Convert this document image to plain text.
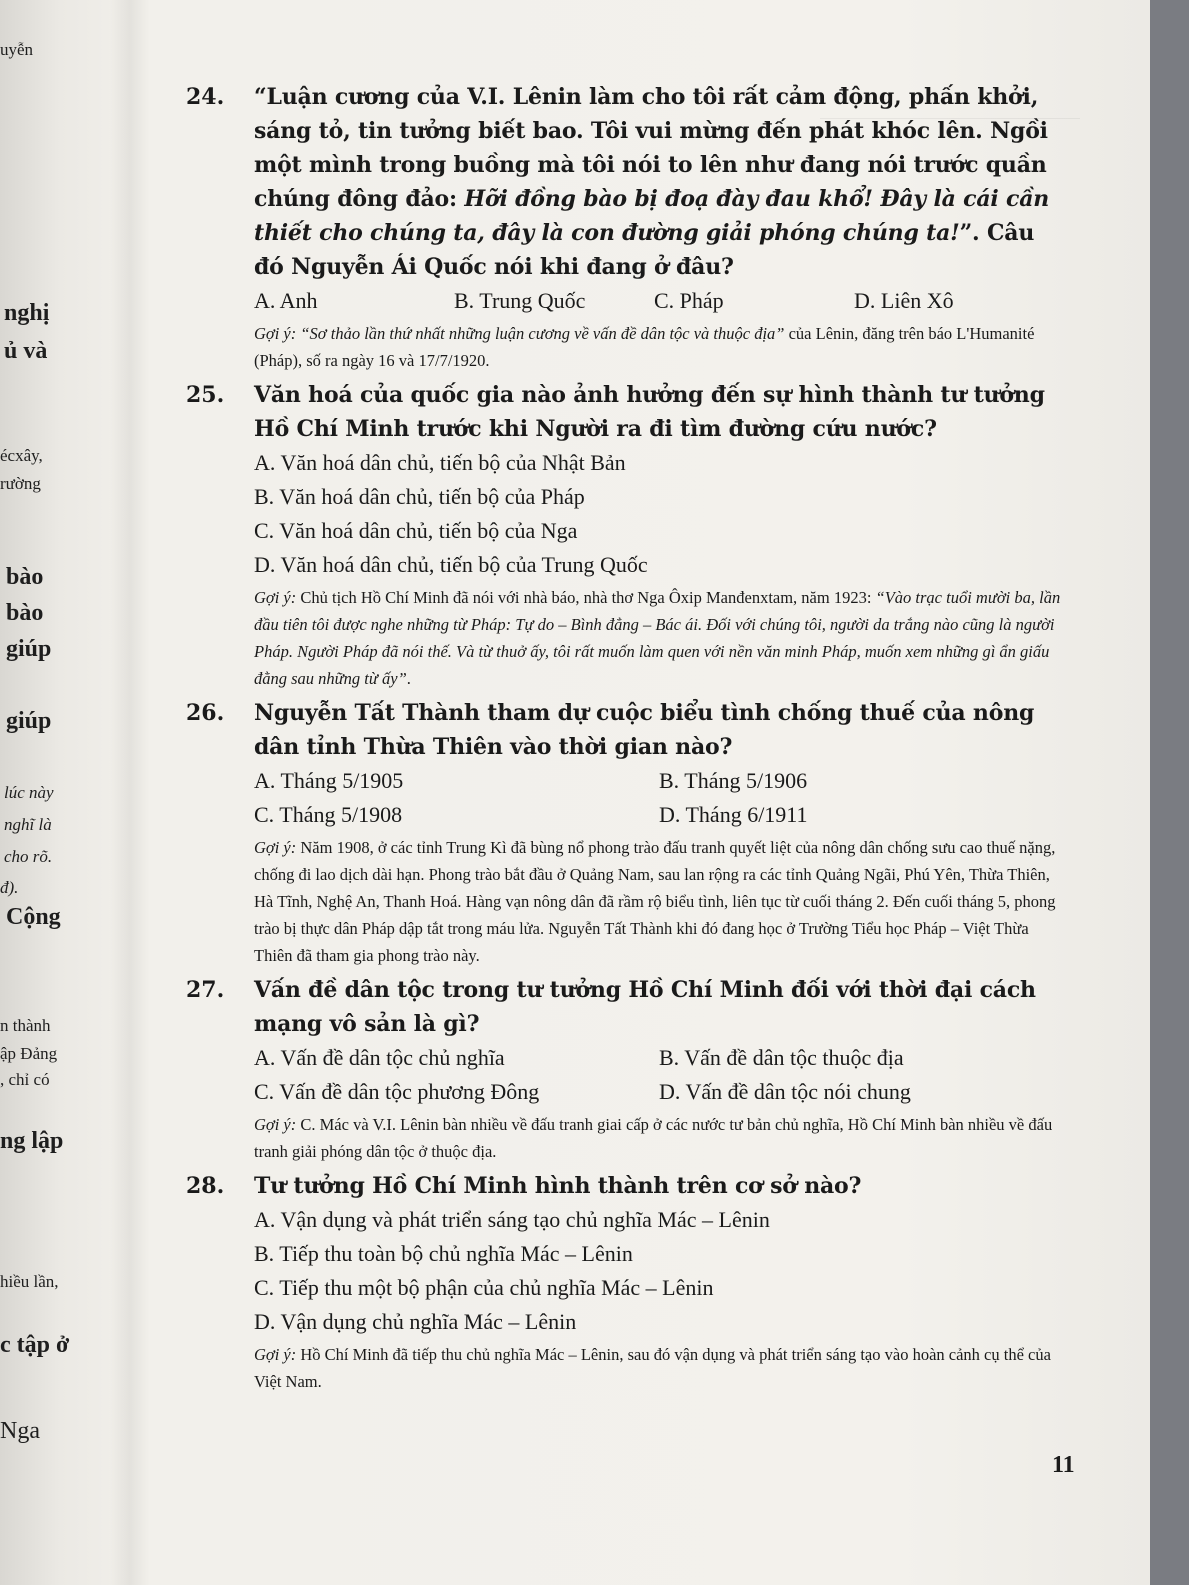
uyễn
nghị
ủ và
écxây,
rường
bào
bào
giúp
giúp
lúc này
nghĩ là
cho rõ.
đ).
Cộng
n thành
ập Đảng
, chỉ có
ng lập
hiều lần,
c tập ở
Nga
24. “Luận cương của V.I. Lênin làm cho tôi rất cảm động, phấn khởi, sáng tỏ, tin tưởng biết bao. Tôi vui mừng đến phát khóc lên. Ngồi một mình trong buồng mà tôi nói to lên như đang nói trước quần chúng đông đảo: Hỡi đồng bào bị đoạ đày đau khổ! Đây là cái cần thiết cho chúng ta, đây là con đường giải phóng chúng ta!”. Câu đó Nguyễn Ái Quốc nói khi đang ở đâu?
A. Anh	B. Trung Quốc	C. Pháp	D. Liên Xô
Gợi ý: “Sơ thảo lần thứ nhất những luận cương về vấn đề dân tộc và thuộc địa” của Lênin, đăng trên báo L'Humanité (Pháp), số ra ngày 16 và 17/7/1920.
25. Văn hoá của quốc gia nào ảnh hưởng đến sự hình thành tư tưởng Hồ Chí Minh trước khi Người ra đi tìm đường cứu nước?
A. Văn hoá dân chủ, tiến bộ của Nhật Bản
B. Văn hoá dân chủ, tiến bộ của Pháp
C. Văn hoá dân chủ, tiến bộ của Nga
D. Văn hoá dân chủ, tiến bộ của Trung Quốc
Gợi ý: Chủ tịch Hồ Chí Minh đã nói với nhà báo, nhà thơ Nga Ôxip Manđenxtam, năm 1923: “Vào trạc tuổi mười ba, lần đầu tiên tôi được nghe những từ Pháp: Tự do – Bình đẳng – Bác ái. Đối với chúng tôi, người da trắng nào cũng là người Pháp. Người Pháp đã nói thế. Và từ thuở ấy, tôi rất muốn làm quen với nền văn minh Pháp, muốn xem những gì ẩn giấu đằng sau những từ ấy”.
26. Nguyễn Tất Thành tham dự cuộc biểu tình chống thuế của nông dân tỉnh Thừa Thiên vào thời gian nào?
A. Tháng 5/1905	B. Tháng 5/1906
C. Tháng 5/1908	D. Tháng 6/1911
Gợi ý: Năm 1908, ở các tỉnh Trung Kì đã bùng nổ phong trào đấu tranh quyết liệt của nông dân chống sưu cao thuế nặng, chống đi lao dịch dài hạn. Phong trào bắt đầu ở Quảng Nam, sau lan rộng ra các tỉnh Quảng Ngãi, Phú Yên, Thừa Thiên, Hà Tĩnh, Nghệ An, Thanh Hoá. Hàng vạn nông dân đã rầm rộ biểu tình, liên tục từ cuối tháng 2. Đến cuối tháng 5, phong trào bị thực dân Pháp dập tắt trong máu lửa. Nguyễn Tất Thành khi đó đang học ở Trường Tiểu học Pháp – Việt Thừa Thiên đã tham gia phong trào này.
27. Vấn đề dân tộc trong tư tưởng Hồ Chí Minh đối với thời đại cách mạng vô sản là gì?
A. Vấn đề dân tộc chủ nghĩa	B. Vấn đề dân tộc thuộc địa
C. Vấn đề dân tộc phương Đông	D. Vấn đề dân tộc nói chung
Gợi ý: C. Mác và V.I. Lênin bàn nhiều về đấu tranh giai cấp ở các nước tư bản chủ nghĩa, Hồ Chí Minh bàn nhiều về đấu tranh giải phóng dân tộc ở thuộc địa.
28. Tư tưởng Hồ Chí Minh hình thành trên cơ sở nào?
A. Vận dụng và phát triển sáng tạo chủ nghĩa Mác – Lênin
B. Tiếp thu toàn bộ chủ nghĩa Mác – Lênin
C. Tiếp thu một bộ phận của chủ nghĩa Mác – Lênin
D. Vận dụng chủ nghĩa Mác – Lênin
Gợi ý: Hồ Chí Minh đã tiếp thu chủ nghĩa Mác – Lênin, sau đó vận dụng và phát triển sáng tạo vào hoàn cảnh cụ thể của Việt Nam.
11
